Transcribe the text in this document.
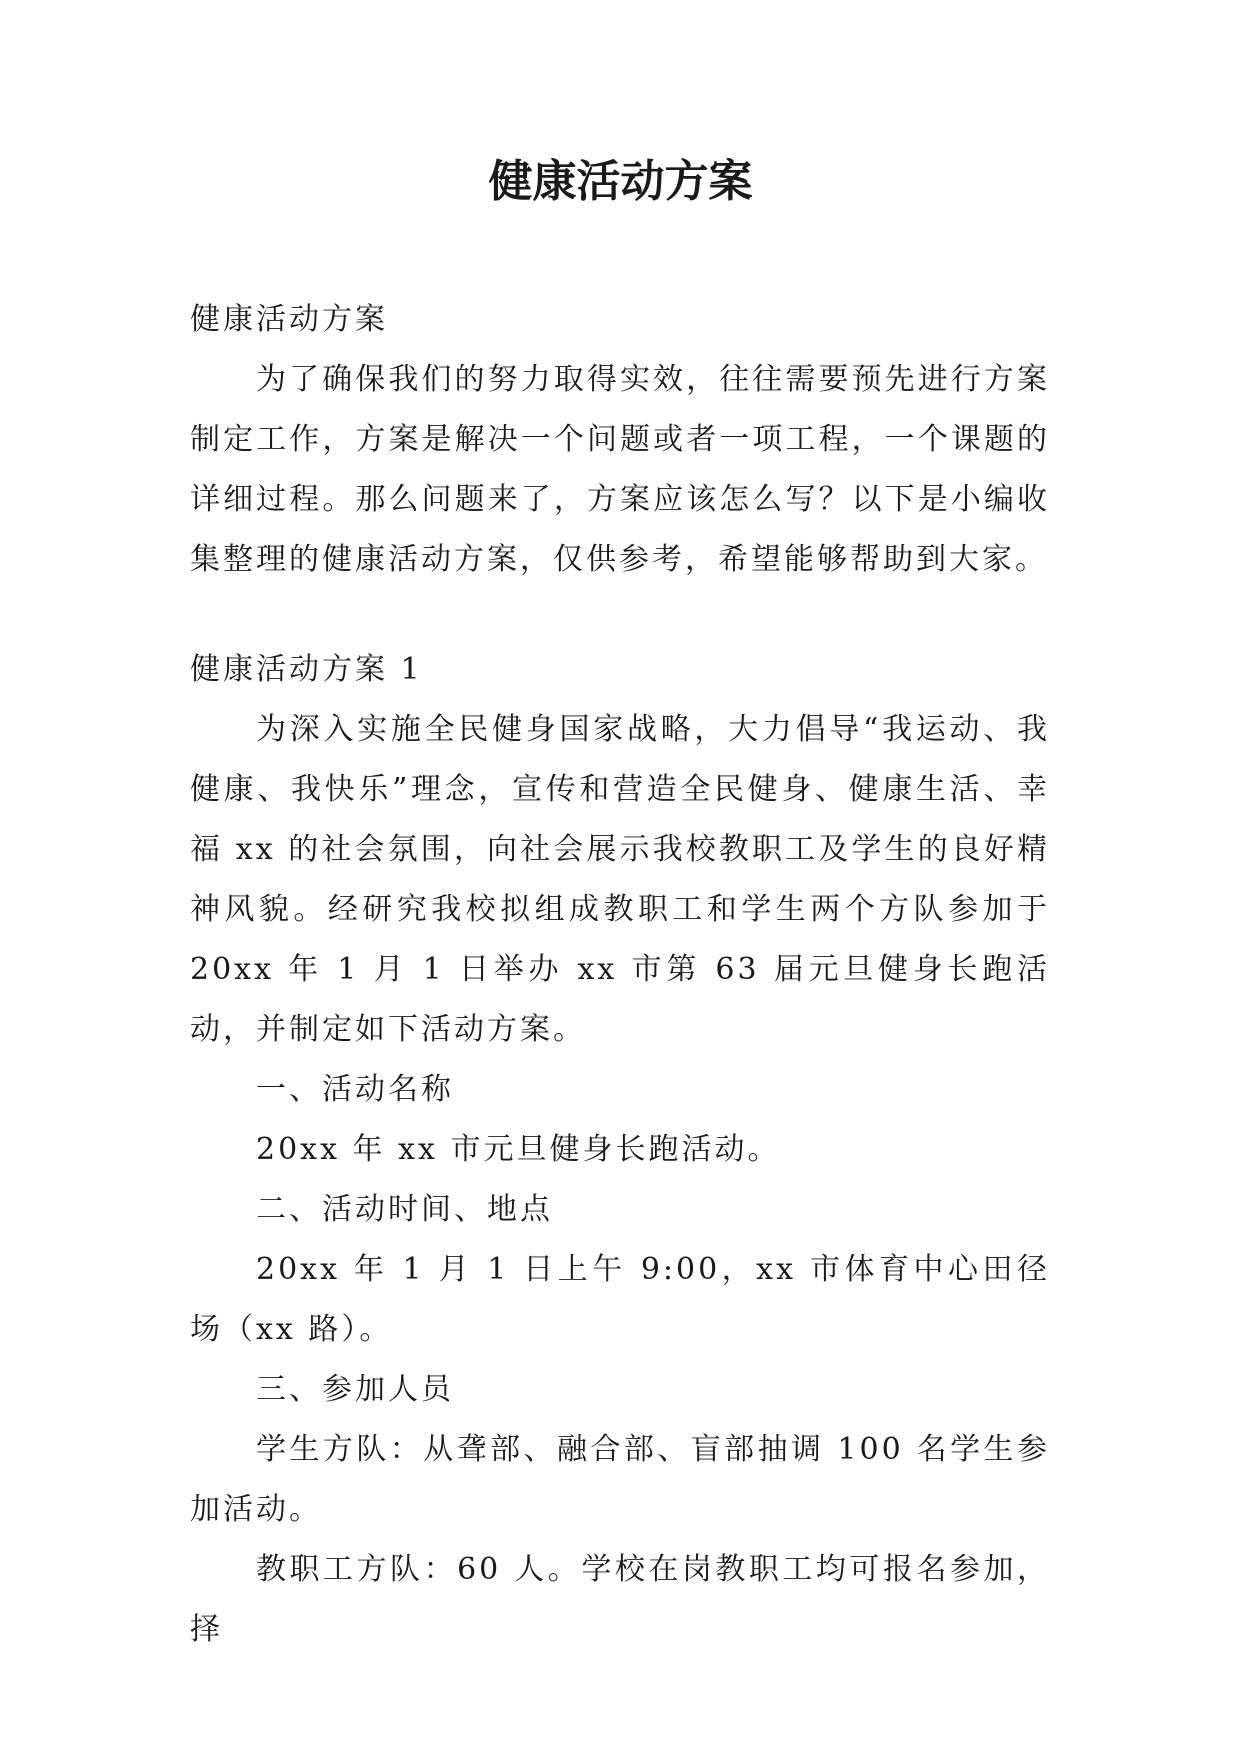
健康活动方案

健康活动方案

为了确保我们的努力取得实效，往往需要预先进行方案制定工作，方案是解决一个问题或者一项工程，一个课题的详细过程。那么问题来了，方案应该怎么写？以下是小编收集整理的健康活动方案，仅供参考，希望能够帮助到大家。

健康活动方案 1

为深入实施全民健身国家战略，大力倡导“我运动、我健康、我快乐”理念，宣传和营造全民健身、健康生活、幸福 xx 的社会氛围，向社会展示我校教职工及学生的良好精神风貌。经研究我校拟组成教职工和学生两个方队参加于 20xx 年 1 月 1 日举办 xx 市第 63 届元旦健身长跑活动，并制定如下活动方案。

一、活动名称

20xx 年 xx 市元旦健身长跑活动。

二、活动时间、地点

20xx 年 1 月 1 日上午 9:00，xx 市体育中心田径场（xx 路）。

三、参加人员

学生方队：从聋部、融合部、盲部抽调 100 名学生参加活动。

教职工方队：60 人。学校在岗教职工均可报名参加，择
